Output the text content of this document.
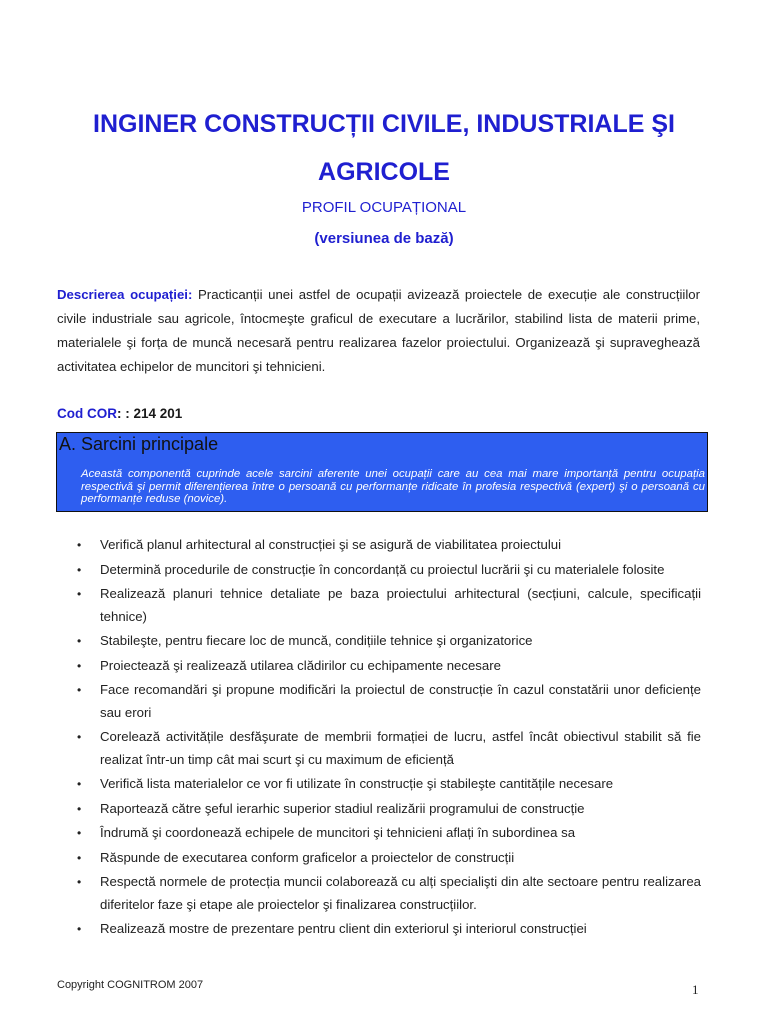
INGINER CONSTRUCȚII CIVILE, INDUSTRIALE ŞI AGRICOLE

PROFIL OCUPAȚIONAL

(versiunea de bază)

Descrierea ocupației: Practicanții unei astfel de ocupații avizează proiectele de execuție ale construcțiilor civile industriale sau agricole, întocmeşte graficul de executare a lucrărilor, stabilind lista de materii prime, materialele şi forța de muncă necesară pentru realizarea fazelor proiectului. Organizează şi supraveghează activitatea echipelor de muncitori şi tehnicieni.

Cod COR: : 214 201
A. Sarcini principale

Această componentă cuprinde acele sarcini aferente unei ocupații care au cea mai mare importanță pentru ocupația respectivă şi permit diferențierea între o persoană cu performanțe ridicate în profesia respectivă (expert) şi o persoană cu performanțe reduse (novice).

• Verifică planul arhitectural al construcției şi se asigură de viabilitatea proiectului
• Determină procedurile de construcție în concordanță cu proiectul lucrării şi cu materialele folosite
• Realizează planuri tehnice detaliate pe baza proiectului arhitectural (secțiuni, calcule, specificații tehnice)
• Stabileşte, pentru fiecare loc de muncă, condițiile tehnice şi organizatorice
• Proiectează şi realizează utilarea clădirilor cu echipamente necesare
• Face recomandări şi propune modificări la proiectul de construcție în cazul constatării unor deficiențe sau erori
• Corelează activitățile desfăşurate de membrii formației de lucru, astfel încât obiectivul stabilit să fie realizat într-un timp cât mai scurt şi cu maximum de eficiență
• Verifică lista materialelor ce vor fi utilizate în construcție şi stabileşte cantitățile necesare
• Raportează către şeful ierarhic superior stadiul realizării programului de construcție
• Îndrumă şi coordonează echipele de muncitori şi tehnicieni aflați în subordinea sa
• Răspunde de executarea conform graficelor a proiectelor de construcții
• Respectă normele de protecția muncii colaborează cu alți specialişti din alte sectoare pentru realizarea diferitelor faze şi etape ale proiectelor şi finalizarea construcțiilor.
• Realizează mostre de prezentare pentru client din exteriorul şi interiorul construcției
Copyright COGNITROM 2007	1
